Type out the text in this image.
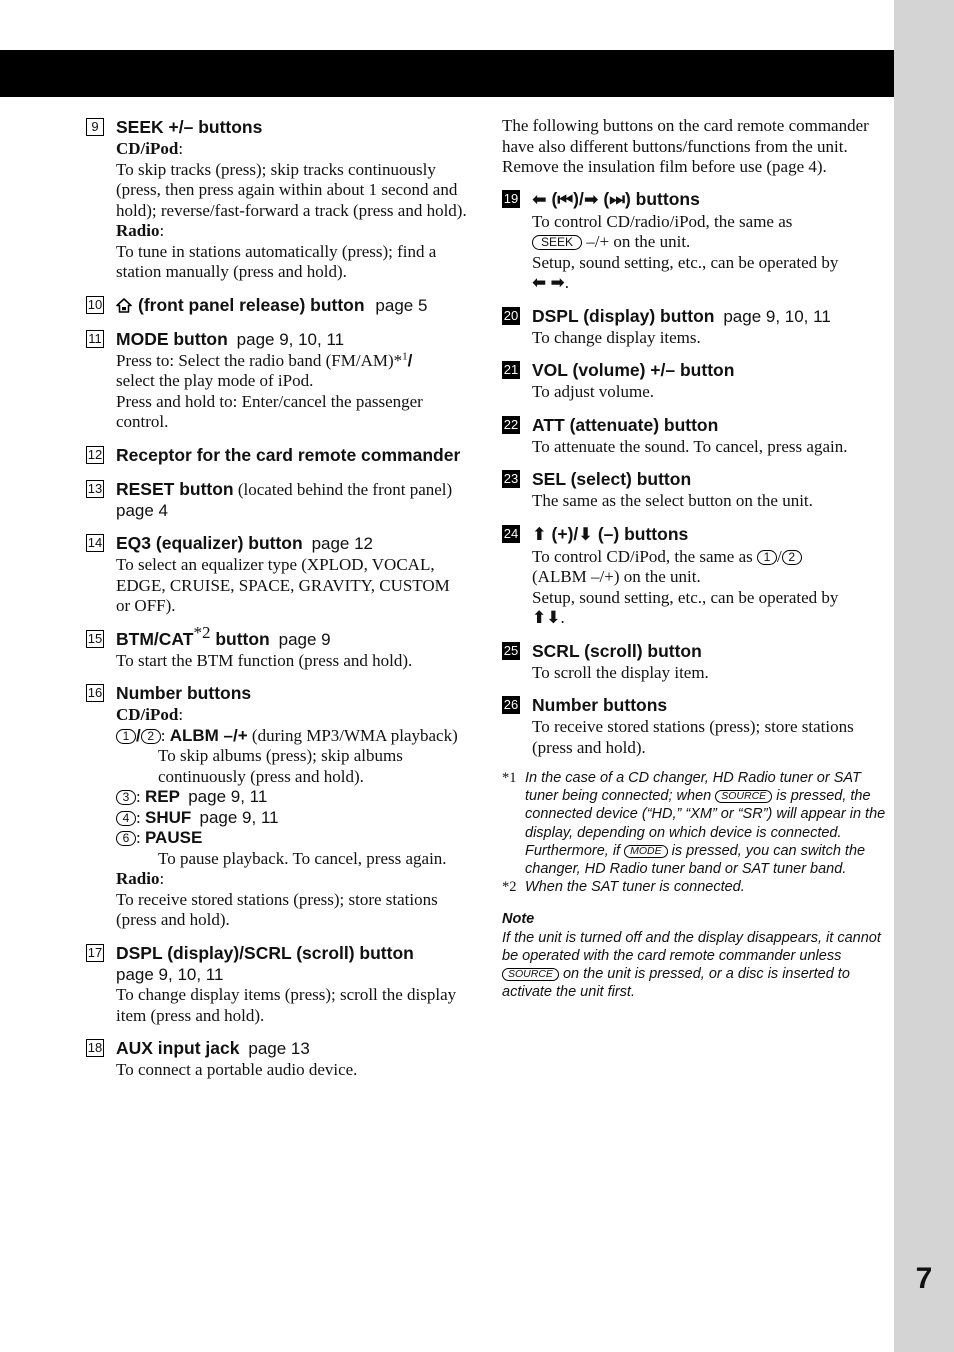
7
9 SEEK +/– buttons
CD/iPod:
To skip tracks (press); skip tracks continuously (press, then press again within about 1 second and hold); reverse/fast-forward a track (press and hold).
Radio:
To tune in stations automatically (press); find a station manually (press and hold).
10	(front panel release) button page 5
11 MODE button page 9, 10, 11
Press to: Select the radio band (FM/AM)*$^1$/
select the play mode of iPod.
Press and hold to: Enter/cancel the passenger control.
12 Receptor for the card remote commander
13 RESET button (located behind the front panel) page 4
14 EQ3 (equalizer) button page 12
To select an equalizer type (XPLOD, VOCAL, EDGE, CRUISE, SPACE, GRAVITY, CUSTOM or OFF).
15 BTM/CAT$^{*2}$ button page 9
To start the BTM function (press and hold).
16 Number buttons
CD/iPod:
1 / 2 : ALBM –/+ (during MP3/WMA playback)
To skip albums (press); skip albums continuously (press and hold).
3 : REP page 9, 11
4 : SHUF page 9, 11
6 : PAUSE
To pause playback. To cancel, press again.
Radio:
To receive stored stations (press); store stations (press and hold).
17 DSPL (display)/SCRL (scroll) button
page 9, 10, 11
To change display items (press); scroll the display item (press and hold).
18 AUX input jack page 13
To connect a portable audio device.
The following buttons on the card remote commander have also different buttons/functions from the unit. Remove the insulation film before use (page 4).
19 ⬅ (⏮)/➡ (⏭) buttons
To control CD/radio/iPod, the same as
SEEK –/+ on the unit.
Setup, sound setting, etc., can be operated by
⬅ ➡.
20 DSPL (display) button page 9, 10, 11
To change display items.
21 VOL (volume) +/– button
To adjust volume.
22 ATT (attenuate) button
To attenuate the sound. To cancel, press again.
23 SEL (select) button
The same as the select button on the unit.
24 ⬆ (+)/⬇ (–) buttons
To control CD/iPod, the same as 1 / 2
(ALBM –/+) on the unit.
Setup, sound setting, etc., can be operated by
⬆⬇.
25 SCRL (scroll) button
To scroll the display item.
26 Number buttons
To receive stored stations (press); store stations (press and hold).
*1 In the case of a CD changer, HD Radio tuner or SAT tuner being connected; when SOURCE is pressed, the connected device (“HD,” “XM” or “SR”) will appear in the display, depending on which device is connected. Furthermore, if MODE is pressed, you can switch the changer, HD Radio tuner band or SAT tuner band.
*2 When the SAT tuner is connected.
Note
If the unit is turned off and the display disappears, it cannot be operated with the card remote commander unless SOURCE on the unit is pressed, or a disc is inserted to activate the unit first.
